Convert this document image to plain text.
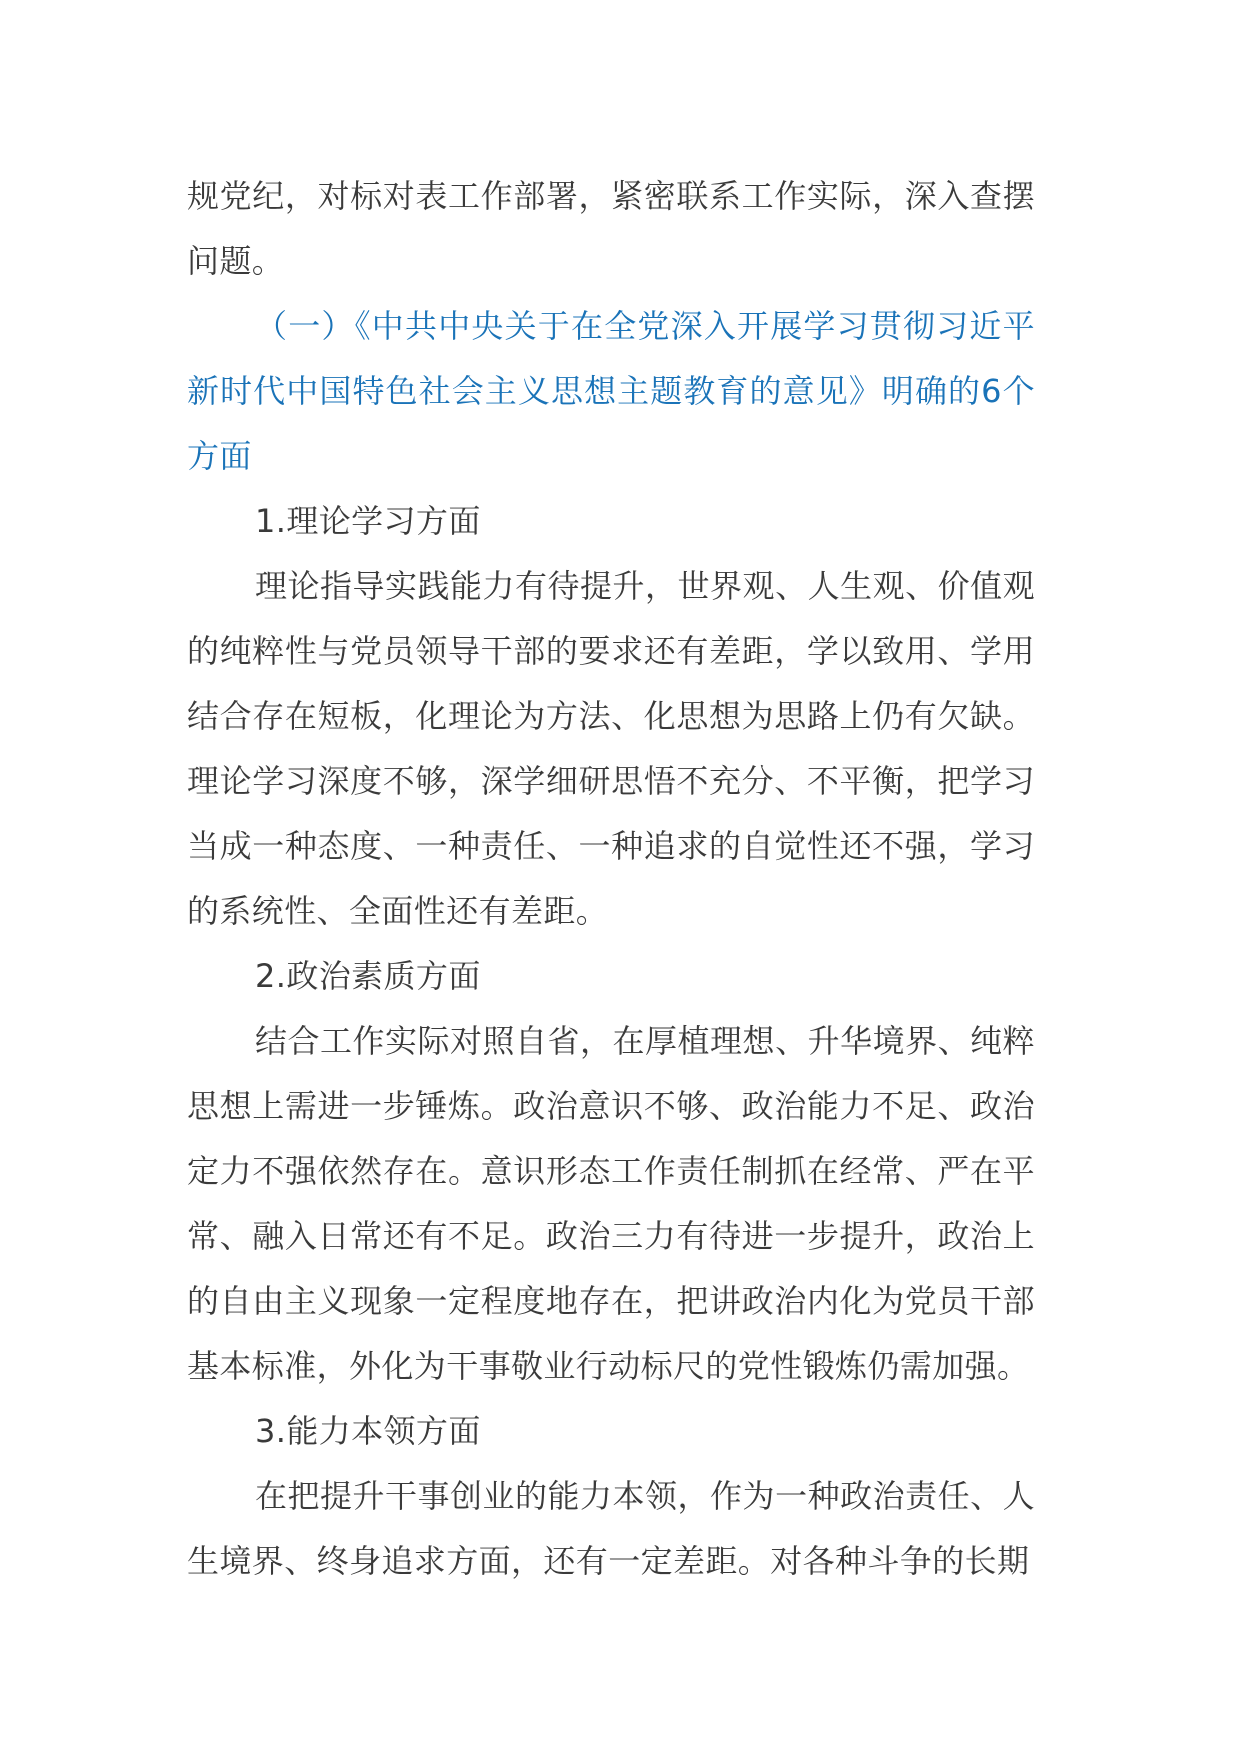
规党纪，对标对表工作部署，紧密联系工作实际，深入查摆问题。

（一）《中共中央关于在全党深入开展学习贯彻习近平新时代中国特色社会主义思想主题教育的意见》明确的6个方面

1.理论学习方面

理论指导实践能力有待提升，世界观、人生观、价值观的纯粹性与党员领导干部的要求还有差距，学以致用、学用结合存在短板，化理论为方法、化思想为思路上仍有欠缺。理论学习深度不够，深学细研思悟不充分、不平衡，把学习当成一种态度、一种责任、一种追求的自觉性还不强，学习的系统性、全面性还有差距。

2.政治素质方面

结合工作实际对照自省，在厚植理想、升华境界、纯粹思想上需进一步锤炼。政治意识不够、政治能力不足、政治定力不强依然存在。意识形态工作责任制抓在经常、严在平常、融入日常还有不足。政治三力有待进一步提升，政治上的自由主义现象一定程度地存在，把讲政治内化为党员干部基本标准，外化为干事敬业行动标尺的党性锻炼仍需加强。

3.能力本领方面

在把提升干事创业的能力本领，作为一种政治责任、人生境界、终身追求方面，还有一定差距。对各种斗争的长期
